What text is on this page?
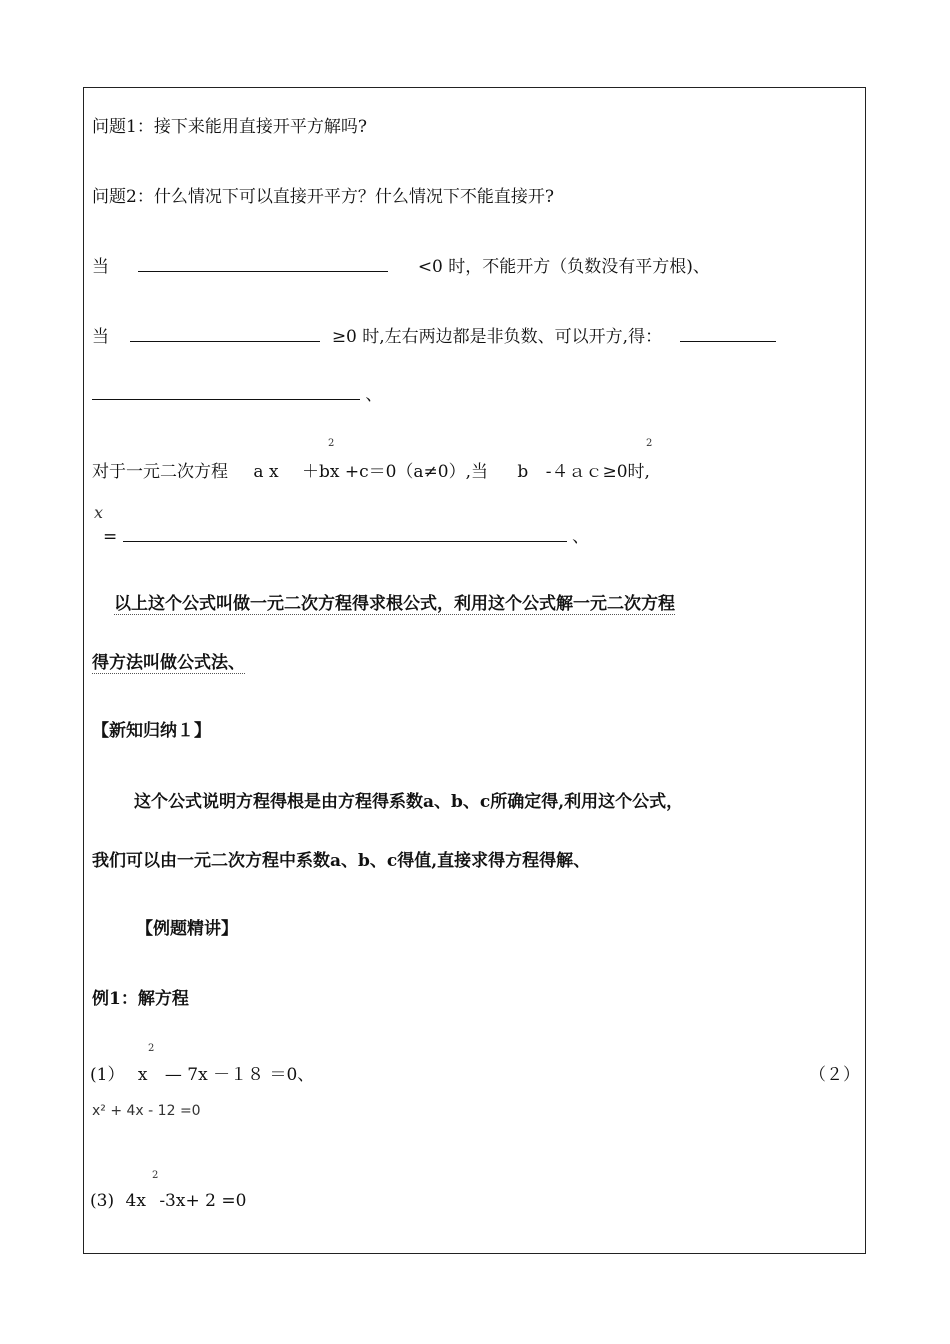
问题1：接下来能用直接开平方解吗?
问题2：什么情况下可以直接开平方？什么情况下不能直接开?
当	<0 时，不能开方（负数没有平方根)、
当	≥0 时,左右两边都是非负数、可以开方,得：
、
2	2
对于一元二次方程 a x ＋bx +c＝0（a≠0）,当 b -４ａｃ≥0时,
x
=	、
以上这个公式叫做一元二次方程得求根公式，利用这个公式解一元二次方程
得方法叫做公式法、
【新知归纳１】
这个公式说明方程得根是由方程得系数a、b、c所确定得,利用这个公式，
我们可以由一元二次方程中系数a、b、c得值,直接求得方程得解、
【例题精讲】
例1：解方程
2
(1） x — 7x －１８ ＝0、	（２）
x² + 4x - 12 =0
2
(3) 4x -3x+ 2 =0
